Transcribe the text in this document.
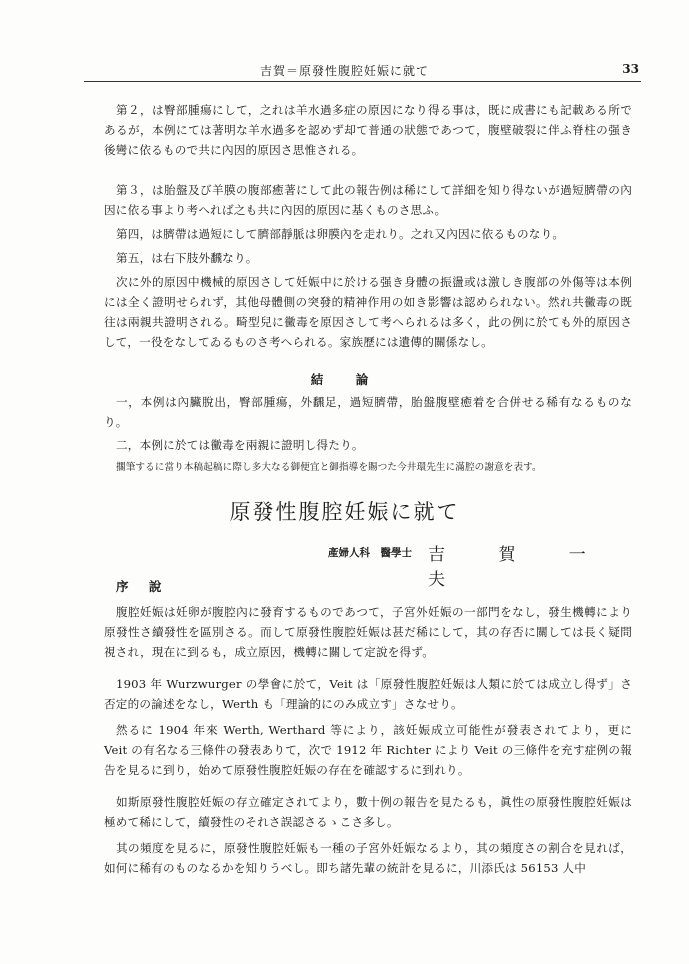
吉賀＝原發性腹腔妊娠に就て	33

第２，は臀部腫瘍にして，之れは羊水過多症の原因になり得る事は，既に成書にも記載ある所であるが，本例にては著明な羊水過多を認めず却て普通の狀態であつて，腹壁破裂に伴ふ脊柱の强き後彎に依るもので共に內因的原因さ思惟される。

第３，は胎盤及び羊膜の腹部癒著にして此の報告例は稀にして詳細を知り得ないが過短臍帶の內因に依る事より考へれば之も共に內因的原因に基くものさ思ふ。

第四，は臍帶は過短にして臍部靜脈は卵膜內を走れり。之れ又內因に依るものなり。

第五，は右下肢外飜なり。

次に外的原因中機械的原因さして妊娠中に於ける强き身體の振盪或は激しき腹部の外傷等は本例には全く證明せられず，其他母體側の突發的精神作用の如き影響は認められない。然れ共黴毒の既往は兩親共證明される。畸型兒に黴毒を原因さして考へられるは多く，此の例に於ても外的原因さして，一役をなしてゐるものさ考へられる。家族歷には遺傳的關係なし。

結　論

一，本例は內臟脫出，臀部腫瘍，外飜足，過短臍帶，胎盤腹壁癒着を合併せる稀有なるものなり。

二，本例に於ては黴毒を兩親に證明し得たり。

擱筆するに當り本稿起稿に際し多大なる御便宜と御指導を賜つた今井環先生に滿腔の謝意を表す。
原發性腹腔妊娠に就て
產婦人科　醫學士 吉 賀 一 夫
序 說

腹腔妊娠は妊卵が腹腔內に發育するものであつて，子宮外妊娠の一部門をなし，發生機轉により原發性さ續發性を區別さる。而して原發性腹腔妊娠は甚だ稀にして，其の存否に關しては長く疑問視され，現在に到るも，成立原因，機轉に關して定說を得ず。

1903 年 Wurzwurger の學會に於て，Veit は「原發性腹腔妊娠は人類に於ては成立し得ず」さ否定的の論述をなし，Werth も「理論的にのみ成立す」さなせり。

然るに 1904 年來 Werth, Werthard 等により，該妊娠成立可能性が發表されてより，更に Veit の有名なる三條件の發表ありて，次で 1912 年 Richter により Veit の三條件を充す症例の報告を見るに到り，始めて原發性腹腔妊娠の存在を確認するに到れり。

如斯原發性腹腔妊娠の存立確定されてより，數十例の報告を見たるも，眞性の原發性腹腔妊娠は極めて稀にして，續發性のそれさ誤認さるゝこさ多し。

其の頻度を見るに，原發性腹腔妊娠も一種の子宮外妊娠なるより，其の頻度さの割合を見れば，如何に稀有のものなるかを知りうべし。即ち諸先輩の統計を見るに，川添氏は 56153 人中
